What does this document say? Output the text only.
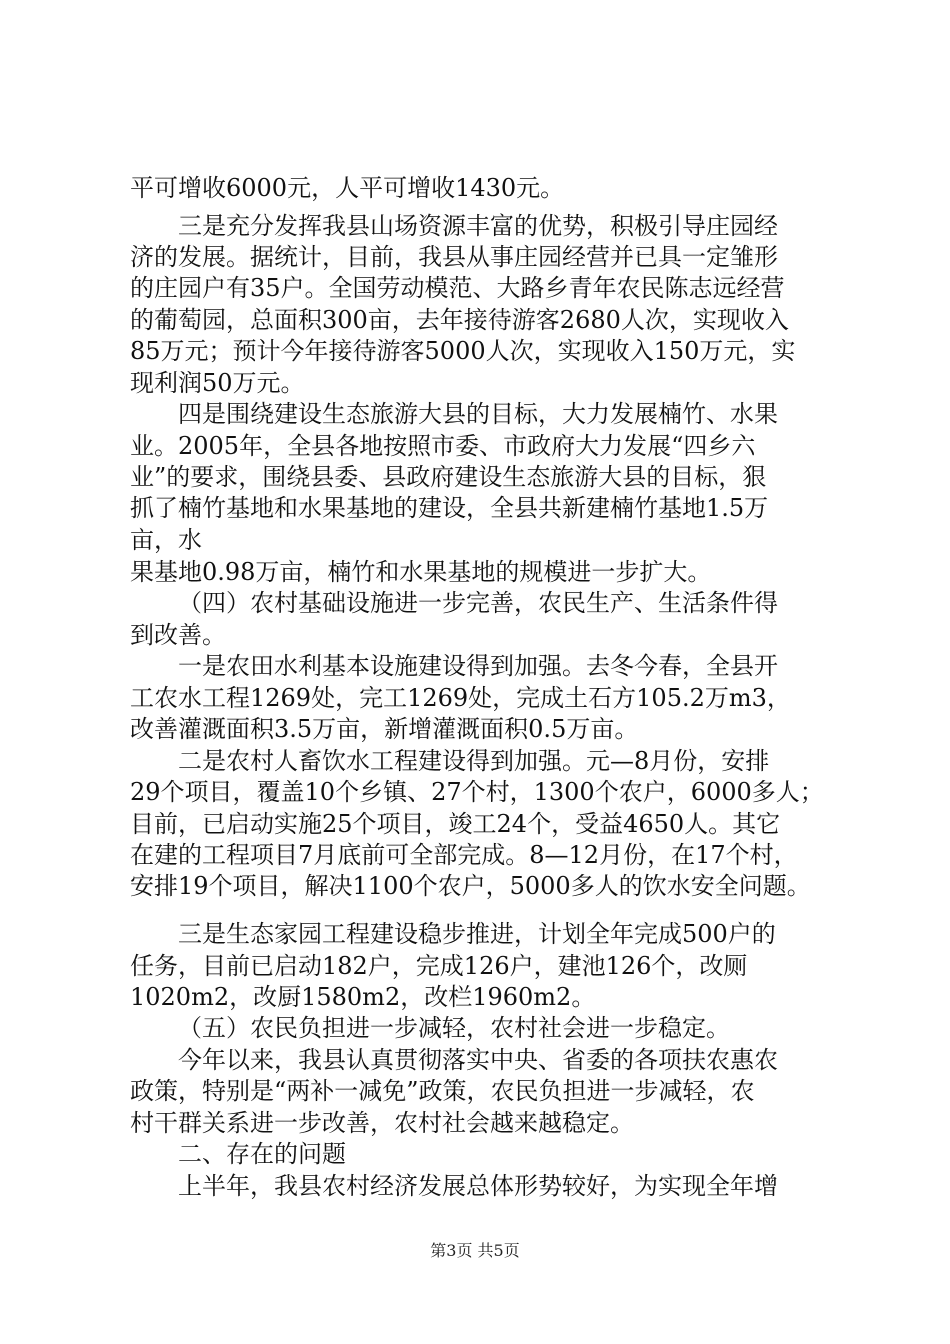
平可增收6000元，人平可增收1430元。
三是充分发挥我县山场资源丰富的优势，积极引导庄园经
济的发展。据统计，目前，我县从事庄园经营并已具一定雏形
的庄园户有35户。全国劳动模范、大路乡青年农民陈志远经营
的葡萄园，总面积300亩，去年接待游客2680人次，实现收入
85万元；预计今年接待游客5000人次，实现收入150万元，实
现利润50万元。
四是围绕建设生态旅游大县的目标，大力发展楠竹、水果
业。2005年，全县各地按照市委、市政府大力发展“四乡六
业”的要求，围绕县委、县政府建设生态旅游大县的目标，狠
抓了楠竹基地和水果基地的建设，全县共新建楠竹基地1.5万
亩，水
果基地0.98万亩，楠竹和水果基地的规模进一步扩大。
（四）农村基础设施进一步完善，农民生产、生活条件得
到改善。
一是农田水利基本设施建设得到加强。去冬今春，全县开
工农水工程1269处，完工1269处，完成土石方105.2万m3，
改善灌溉面积3.5万亩，新增灌溉面积0.5万亩。
二是农村人畜饮水工程建设得到加强。元—8月份，安排
29个项目，覆盖10个乡镇、27个村，1300个农户，6000多人；
目前，已启动实施25个项目，竣工24个，受益4650人。其它
在建的工程项目7月底前可全部完成。8—12月份，在17个村，
安排19个项目，解决1100个农户，5000多人的饮水安全问题。
三是生态家园工程建设稳步推进，计划全年完成500户的
任务，目前已启动182户，完成126户，建池126个，改厕
1020m2，改厨1580m2，改栏1960m2。
（五）农民负担进一步减轻，农村社会进一步稳定。
今年以来，我县认真贯彻落实中央、省委的各项扶农惠农
政策，特别是“两补一减免”政策，农民负担进一步减轻，农
村干群关系进一步改善，农村社会越来越稳定。
二、存在的问题
上半年，我县农村经济发展总体形势较好，为实现全年增
第3页 共5页
